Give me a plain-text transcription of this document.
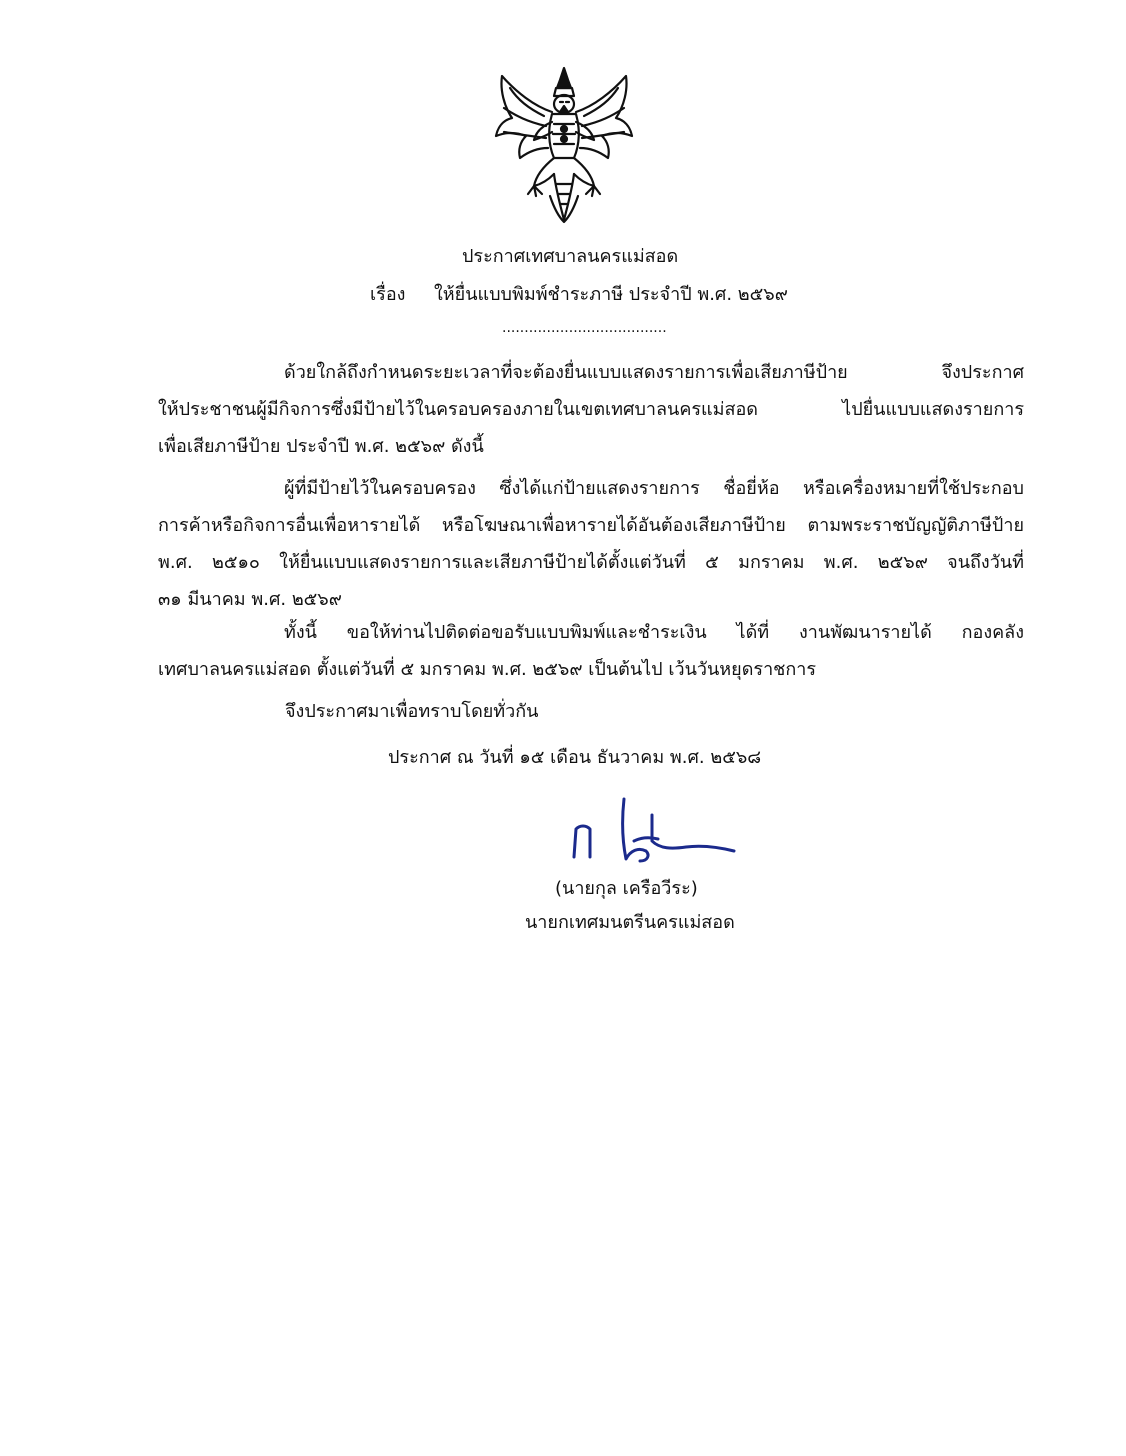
ประกาศเทศบาลนครแม่สอด
เรื่อง ให้ยื่นแบบพิมพ์ชำระภาษี ประจำปี พ.ศ. ๒๕๖๙
.....................................
ด้วยใกล้ถึงกำหนดระยะเวลาที่จะต้องยื่นแบบแสดงรายการเพื่อเสียภาษีป้าย จึงประกาศ
ให้ประชาชนผู้มีกิจการซึ่งมีป้ายไว้ในครอบครองภายในเขตเทศบาลนครแม่สอด ไปยื่นแบบแสดงรายการ
เพื่อเสียภาษีป้าย ประจำปี พ.ศ. ๒๕๖๙ ดังนี้
ผู้ที่มีป้ายไว้ในครอบครอง ซึ่งได้แก่ป้ายแสดงรายการ ชื่อยี่ห้อ หรือเครื่องหมายที่ใช้ประกอบ
การค้าหรือกิจการอื่นเพื่อหารายได้ หรือโฆษณาเพื่อหารายได้อันต้องเสียภาษีป้าย ตามพระราชบัญญัติภาษีป้าย
พ.ศ. ๒๕๑๐ ให้ยื่นแบบแสดงรายการและเสียภาษีป้ายได้ตั้งแต่วันที่ ๕ มกราคม พ.ศ. ๒๕๖๙ จนถึงวันที่
๓๑ มีนาคม พ.ศ. ๒๕๖๙
ทั้งนี้ ขอให้ท่านไปติดต่อขอรับแบบพิมพ์และชำระเงิน ได้ที่ งานพัฒนารายได้ กองคลัง
เทศบาลนครแม่สอด ตั้งแต่วันที่ ๕ มกราคม พ.ศ. ๒๕๖๙ เป็นต้นไป เว้นวันหยุดราชการ
จึงประกาศมาเพื่อทราบโดยทั่วกัน
ประกาศ ณ วันที่ ๑๕ เดือน ธันวาคม พ.ศ. ๒๕๖๘
(นายกุล เครือวีระ)
นายกเทศมนตรีนครแม่สอด
